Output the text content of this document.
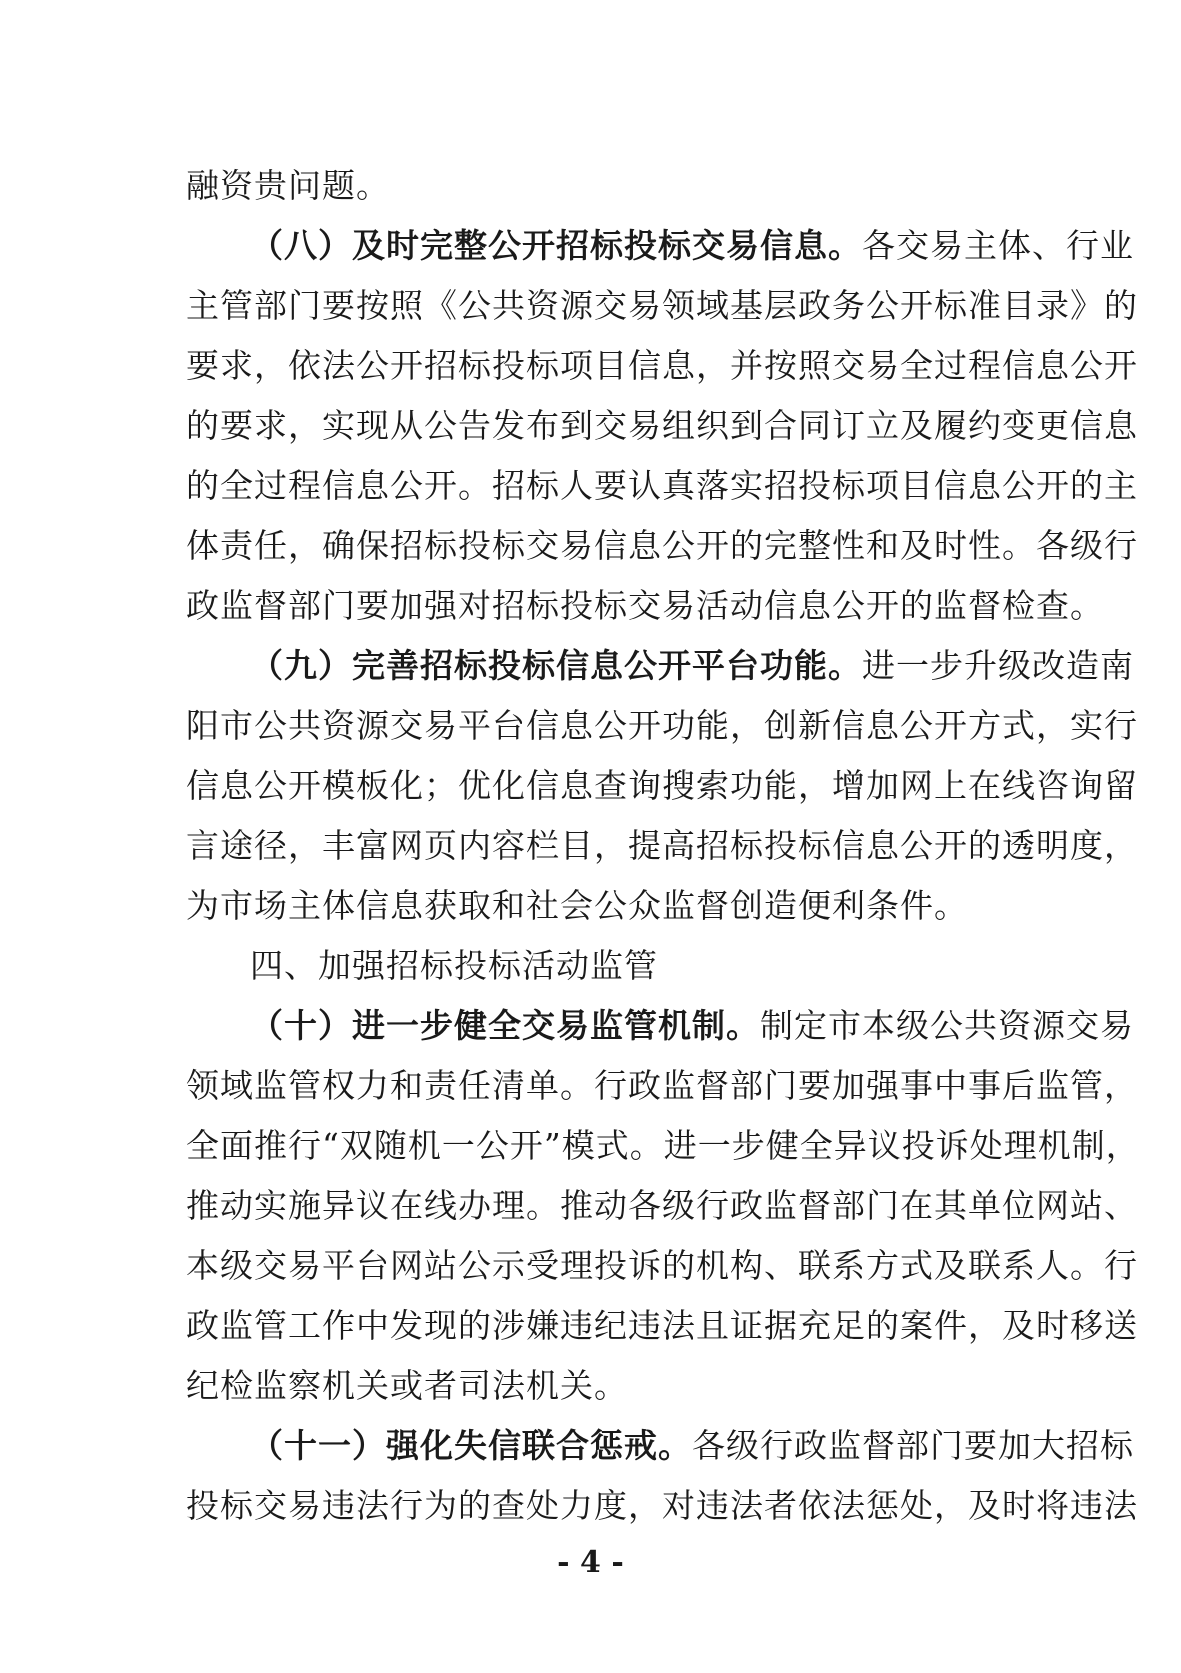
融资贵问题。
（八）及时完整公开招标投标交易信息。各交易主体、行业
主管部门要按照《公共资源交易领域基层政务公开标准目录》的
要求，依法公开招标投标项目信息，并按照交易全过程信息公开
的要求，实现从公告发布到交易组织到合同订立及履约变更信息
的全过程信息公开。招标人要认真落实招投标项目信息公开的主
体责任，确保招标投标交易信息公开的完整性和及时性。各级行
政监督部门要加强对招标投标交易活动信息公开的监督检查。
（九）完善招标投标信息公开平台功能。进一步升级改造南
阳市公共资源交易平台信息公开功能，创新信息公开方式，实行
信息公开模板化；优化信息查询搜索功能，增加网上在线咨询留
言途径，丰富网页内容栏目，提高招标投标信息公开的透明度，
为市场主体信息获取和社会公众监督创造便利条件。
四、加强招标投标活动监管
（十）进一步健全交易监管机制。制定市本级公共资源交易
领域监管权力和责任清单。行政监督部门要加强事中事后监管，
全面推行“双随机一公开”模式。进一步健全异议投诉处理机制，
推动实施异议在线办理。推动各级行政监督部门在其单位网站、
本级交易平台网站公示受理投诉的机构、联系方式及联系人。行
政监管工作中发现的涉嫌违纪违法且证据充足的案件，及时移送
纪检监察机关或者司法机关。
（十一）强化失信联合惩戒。各级行政监督部门要加大招标
投标交易违法行为的查处力度，对违法者依法惩处，及时将违法
- 4 -
